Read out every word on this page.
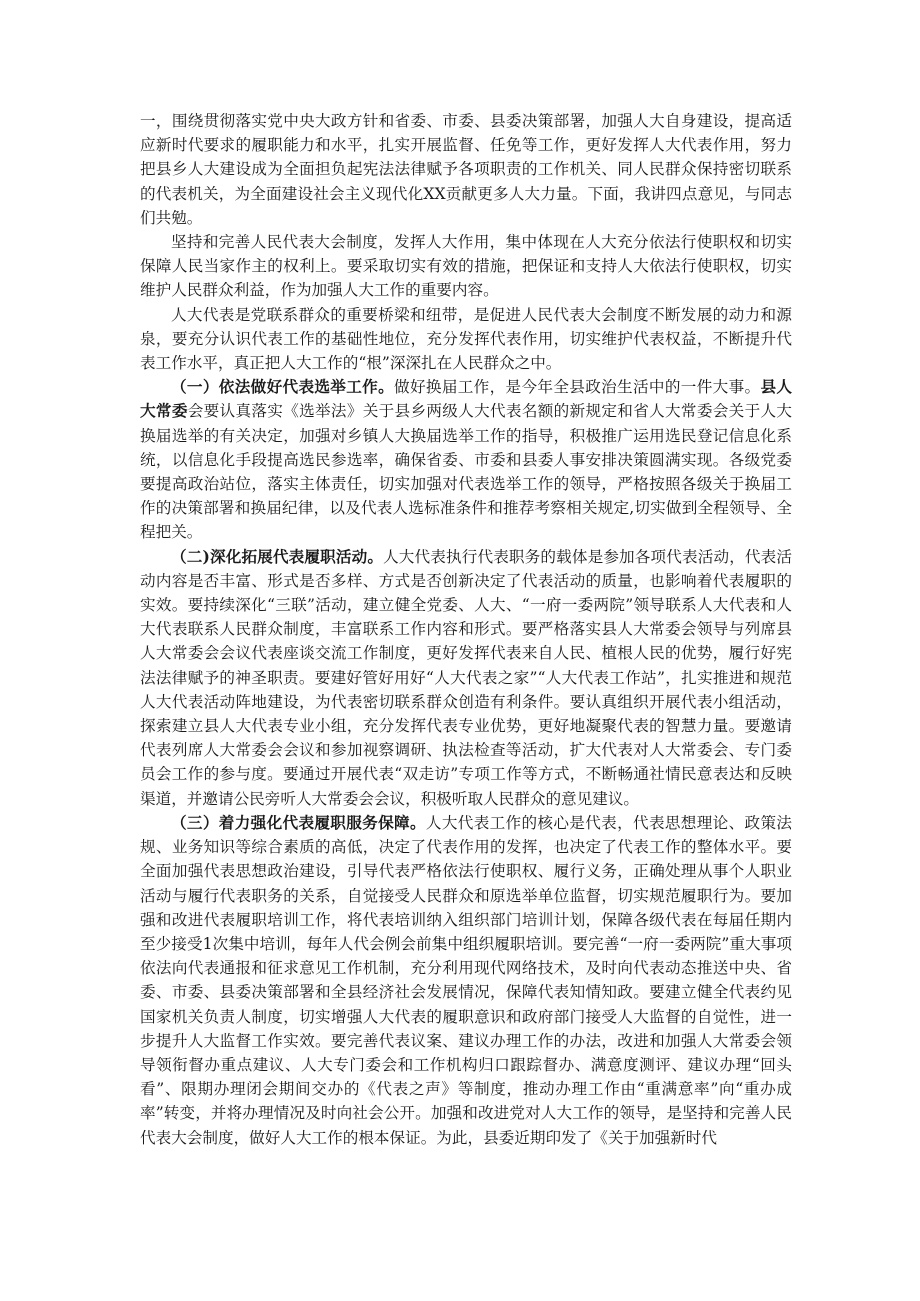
一，围绕贯彻落实党中央大政方针和省委、市委、县委决策部署，加强人大自身建设，提高适应新时代要求的履职能力和水平，扎实开展监督、任免等工作，更好发挥人大代表作用，努力把县乡人大建设成为全面担负起宪法法律赋予各项职责的工作机关、同人民群众保持密切联系的代表机关，为全面建设社会主义现代化XX贡献更多人大力量。下面，我讲四点意见，与同志们共勉。

坚持和完善人民代表大会制度，发挥人大作用，集中体现在人大充分依法行使职权和切实保障人民当家作主的权利上。要采取切实有效的措施，把保证和支持人大依法行使职权，切实维护人民群众利益，作为加强人大工作的重要内容。

人大代表是党联系群众的重要桥梁和纽带，是促进人民代表大会制度不断发展的动力和源泉，要充分认识代表工作的基础性地位，充分发挥代表作用，切实维护代表权益，不断提升代表工作水平，真正把人大工作的“根”深深扎在人民群众之中。

（一）依法做好代表选举工作。做好换届工作，是今年全县政治生活中的一件大事。县人大常委会要认真落实《选举法》关于县乡两级人大代表名额的新规定和省人大常委会关于人大换届选举的有关决定，加强对乡镇人大换届选举工作的指导，积极推广运用选民登记信息化系统，以信息化手段提高选民参选率，确保省委、市委和县委人事安排决策圆满实现。各级党委要提高政治站位，落实主体责任，切实加强对代表选举工作的领导，严格按照各级关于换届工作的决策部署和换届纪律，以及代表人选标准条件和推荐考察相关规定,切实做到全程领导、全程把关。

（二)深化拓展代表履职活动。人大代表执行代表职务的载体是参加各项代表活动，代表活动内容是否丰富、形式是否多样、方式是否创新决定了代表活动的质量，也影响着代表履职的实效。要持续深化“三联”活动，建立健全党委、人大、“一府一委两院”领导联系人大代表和人大代表联系人民群众制度，丰富联系工作内容和形式。要严格落实县人大常委会领导与列席县人大常委会会议代表座谈交流工作制度，更好发挥代表来自人民、植根人民的优势，履行好宪法法律赋予的神圣职责。要建好管好用好“人大代表之家”“人大代表工作站”，扎实推进和规范人大代表活动阵地建设，为代表密切联系群众创造有利条件。要认真组织开展代表小组活动，探索建立县人大代表专业小组，充分发挥代表专业优势，更好地凝聚代表的智慧力量。要邀请代表列席人大常委会会议和参加视察调研、执法检查等活动，扩大代表对人大常委会、专门委员会工作的参与度。要通过开展代表“双走访”专项工作等方式，不断畅通社情民意表达和反映渠道，并邀请公民旁听人大常委会会议，积极听取人民群众的意见建议。

（三）着力强化代表履职服务保障。人大代表工作的核心是代表，代表思想理论、政策法规、业务知识等综合素质的高低，决定了代表作用的发挥，也决定了代表工作的整体水平。要全面加强代表思想政治建设，引导代表严格依法行使职权、履行义务，正确处理从事个人职业活动与履行代表职务的关系，自觉接受人民群众和原选举单位监督，切实规范履职行为。要加强和改进代表履职培训工作，将代表培训纳入组织部门培训计划，保障各级代表在每届任期内至少接受1次集中培训，每年人代会例会前集中组织履职培训。要完善“一府一委两院”重大事项依法向代表通报和征求意见工作机制，充分利用现代网络技术，及时向代表动态推送中央、省委、市委、县委决策部署和全县经济社会发展情况，保障代表知情知政。要建立健全代表约见国家机关负责人制度，切实增强人大代表的履职意识和政府部门接受人大监督的自觉性，进一步提升人大监督工作实效。要完善代表议案、建议办理工作的办法，改进和加强人大常委会领导领衔督办重点建议、人大专门委会和工作机构归口跟踪督办、满意度测评、建议办理“回头看”、限期办理闭会期间交办的《代表之声》等制度，推动办理工作由“重满意率”向“重办成率”转变，并将办理情况及时向社会公开。加强和改进党对人大工作的领导，是坚持和完善人民代表大会制度，做好人大工作的根本保证。为此，县委近期印发了《关于加强新时代
